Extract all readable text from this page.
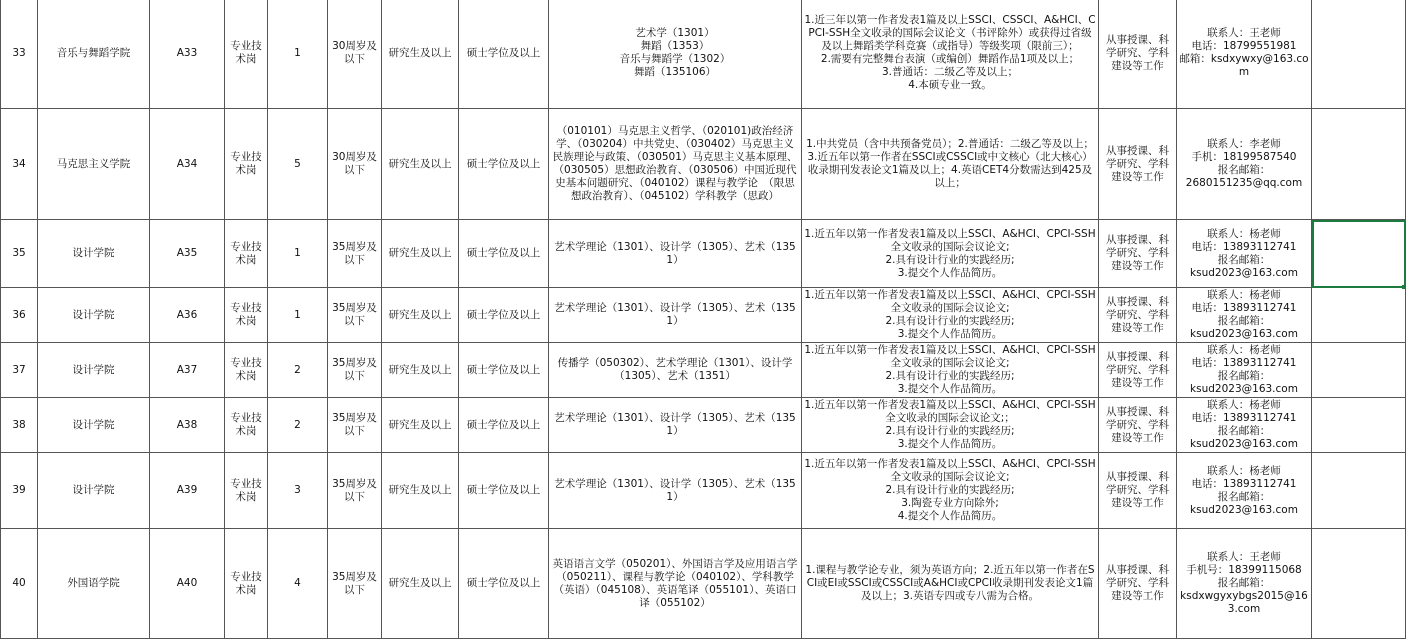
33	音乐与舞蹈学院	A33	专业技术岗	1	30周岁及以下	研究生及以上	硕士学位及以上	艺术学（1301）
舞蹈（1353）
音乐与舞蹈学（1302）
舞蹈（135106）	1.近三年以第一作者发表1篇及以上SSCI、CSSCI、A&HCI、CPCI-SSH全文收录的国际会议论文（书评除外）或获得过省级及以上舞蹈类学科竞赛（或指导）等级奖项（限前三）；
2.需要有完整舞台表演（或编创）舞蹈作品1项及以上；
3.普通话：二级乙等及以上；
4.本硕专业一致。	从事授课、科学研究、学科建设等工作	联系人：王老师
电话：18799551981
邮箱：ksdxywxy@163.com	
34	马克思主义学院	A34	专业技术岗	5	30周岁及以下	研究生及以上	硕士学位及以上	（010101）马克思主义哲学、（020101)政治经济学、（030204）中共党史、（030402）马克思主义民族理论与政策、（030501）马克思主义基本原理、（030505）思想政治教育、（030506）中国近现代史基本问题研究、（040102）课程与教学论　（限思想政治教育）、（045102）学科教学（思政）	1.中共党员（含中共预备党员）；2.普通话：二级乙等及以上；3.近五年以第一作者在SSCI或CSSCI或中文核心（北大核心）收录期刊发表论文1篇及以上；4.英语CET4分数需达到425及以上；	从事授课、科学研究、学科建设等工作	联系人：李老师
手机：18199587540
报名邮箱：
2680151235@qq.com	
35	设计学院	A35	专业技术岗	1	35周岁及以下	研究生及以上	硕士学位及以上	艺术学理论（1301）、设计学（1305）、艺术（1351）	1.近五年以第一作者发表1篇及以上SSCI、A&HCI、CPCI-SSH全文收录的国际会议论文;
2.具有设计行业的实践经历;
3.提交个人作品简历。	从事授课、科学研究、学科建设等工作	联系人：杨老师
电话：13893112741
报名邮箱：
ksud2023@163.com	
36	设计学院	A36	专业技术岗	1	35周岁及以下	研究生及以上	硕士学位及以上	艺术学理论（1301）、设计学（1305）、艺术（1351）	1.近五年以第一作者发表1篇及以上SSCI、A&HCI、CPCI-SSH全文收录的国际会议论文;
2.具有设计行业的实践经历;
3.提交个人作品简历。	从事授课、科学研究、学科建设等工作	联系人：杨老师
电话：13893112741
报名邮箱：
ksud2023@163.com	
37	设计学院	A37	专业技术岗	2	35周岁及以下	研究生及以上	硕士学位及以上	传播学（050302）、艺术学理论（1301）、设计学（1305）、艺术（1351）	1.近五年以第一作者发表1篇及以上SSCI、A&HCI、CPCI-SSH全文收录的国际会议论文;
2.具有设计行业的实践经历;
3.提交个人作品简历。	从事授课、科学研究、学科建设等工作	联系人：杨老师
电话：13893112741
报名邮箱：
ksud2023@163.com	
38	设计学院	A38	专业技术岗	2	35周岁及以下	研究生及以上	硕士学位及以上	艺术学理论（1301）、设计学（1305）、艺术（1351）	1.近五年以第一作者发表1篇及以上SSCI、A&HCI、CPCI-SSH全文收录的国际会议论文;；
2.具有设计行业的实践经历;
3.提交个人作品简历。	从事授课、科学研究、学科建设等工作	联系人：杨老师
电话：13893112741
报名邮箱：
ksud2023@163.com	
39	设计学院	A39	专业技术岗	3	35周岁及以下	研究生及以上	硕士学位及以上	艺术学理论（1301）、设计学（1305）、艺术（1351）	1.近五年以第一作者发表1篇及以上SSCI、A&HCI、CPCI-SSH全文收录的国际会议论文;
2.具有设计行业的实践经历;
3.陶瓷专业方向除外;
4.提交个人作品简历。	从事授课、科学研究、学科建设等工作	联系人：杨老师
电话：13893112741
报名邮箱：
ksud2023@163.com	
40	外国语学院	A40	专业技术岗	4	35周岁及以下	研究生及以上	硕士学位及以上	英语语言文学（050201）、外国语言学及应用语言学（050211）、课程与教学论（040102）、学科教学（英语）（045108）、英语笔译（055101）、英语口译（055102）	1.课程与教学论专业，须为英语方向；2.近五年以第一作者在SCI或EI或SSCI或CSSCI或A&HCI或CPCI收录期刊发表论文1篇及以上；3.英语专四或专八需为合格。	从事授课、科学研究、学科建设等工作	联系人：王老师
手机号：18399115068
报名邮箱：
ksdxwgyxybgs2015@163.com	
